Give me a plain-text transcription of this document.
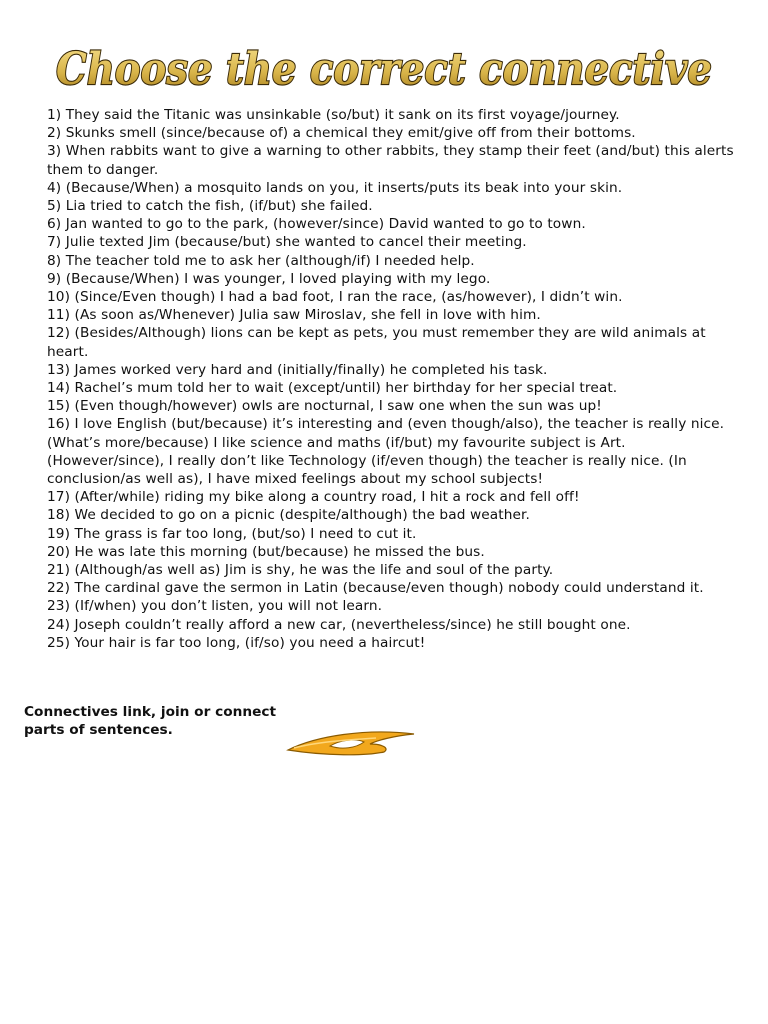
Choose the correct connective
1) They said the Titanic was unsinkable (so/but) it sank on its first voyage/journey.
2) Skunks smell (since/because of) a chemical they emit/give off from their bottoms.
3) When rabbits want to give a warning to other rabbits, they stamp their feet (and/but) this alerts them to danger.
4) (Because/When) a mosquito lands on you, it inserts/puts its beak into your skin.
5) Lia tried to catch the fish, (if/but) she failed.
6) Jan wanted to go to the park, (however/since) David wanted to go to town.
7) Julie texted Jim (because/but) she wanted to cancel their meeting.
8) The teacher told me to ask her (although/if) I needed help.
9) (Because/When) I was younger, I loved playing with my lego.
10) (Since/Even though) I had a bad foot, I ran the race, (as/however), I didn’t win.
11) (As soon as/Whenever) Julia saw Miroslav, she fell in love with him.
12) (Besides/Although) lions can be kept as pets, you must remember they are wild animals at heart.
13) James worked very hard and (initially/finally) he completed his task.
14) Rachel’s mum told her to wait (except/until) her birthday for her special treat.
15) (Even though/however) owls are nocturnal, I saw one when the sun was up!
16) I love English (but/because) it’s interesting and (even though/also), the teacher is really nice. (What’s more/because) I like science and maths (if/but) my favourite subject is Art. (However/since), I really don’t like Technology (if/even though) the teacher is really nice. (In conclusion/as well as), I have mixed feelings about my school subjects!
17) (After/while) riding my bike along a country road, I hit a rock and fell off!
18) We decided to go on a picnic (despite/although) the bad weather.
19) The grass is far too long, (but/so) I need to cut it.
20) He was late this morning (but/because) he missed the bus.
21) (Although/as well as) Jim is shy, he was the life and soul of the party.
22) The cardinal gave the sermon in Latin (because/even though) nobody could understand it.
23) (If/when) you don’t listen, you will not learn.
24) Joseph couldn’t really afford a new car, (nevertheless/since) he still bought one.
25) Your hair is far too long, (if/so) you need a haircut!

Connectives link, join or connect parts of sentences.
